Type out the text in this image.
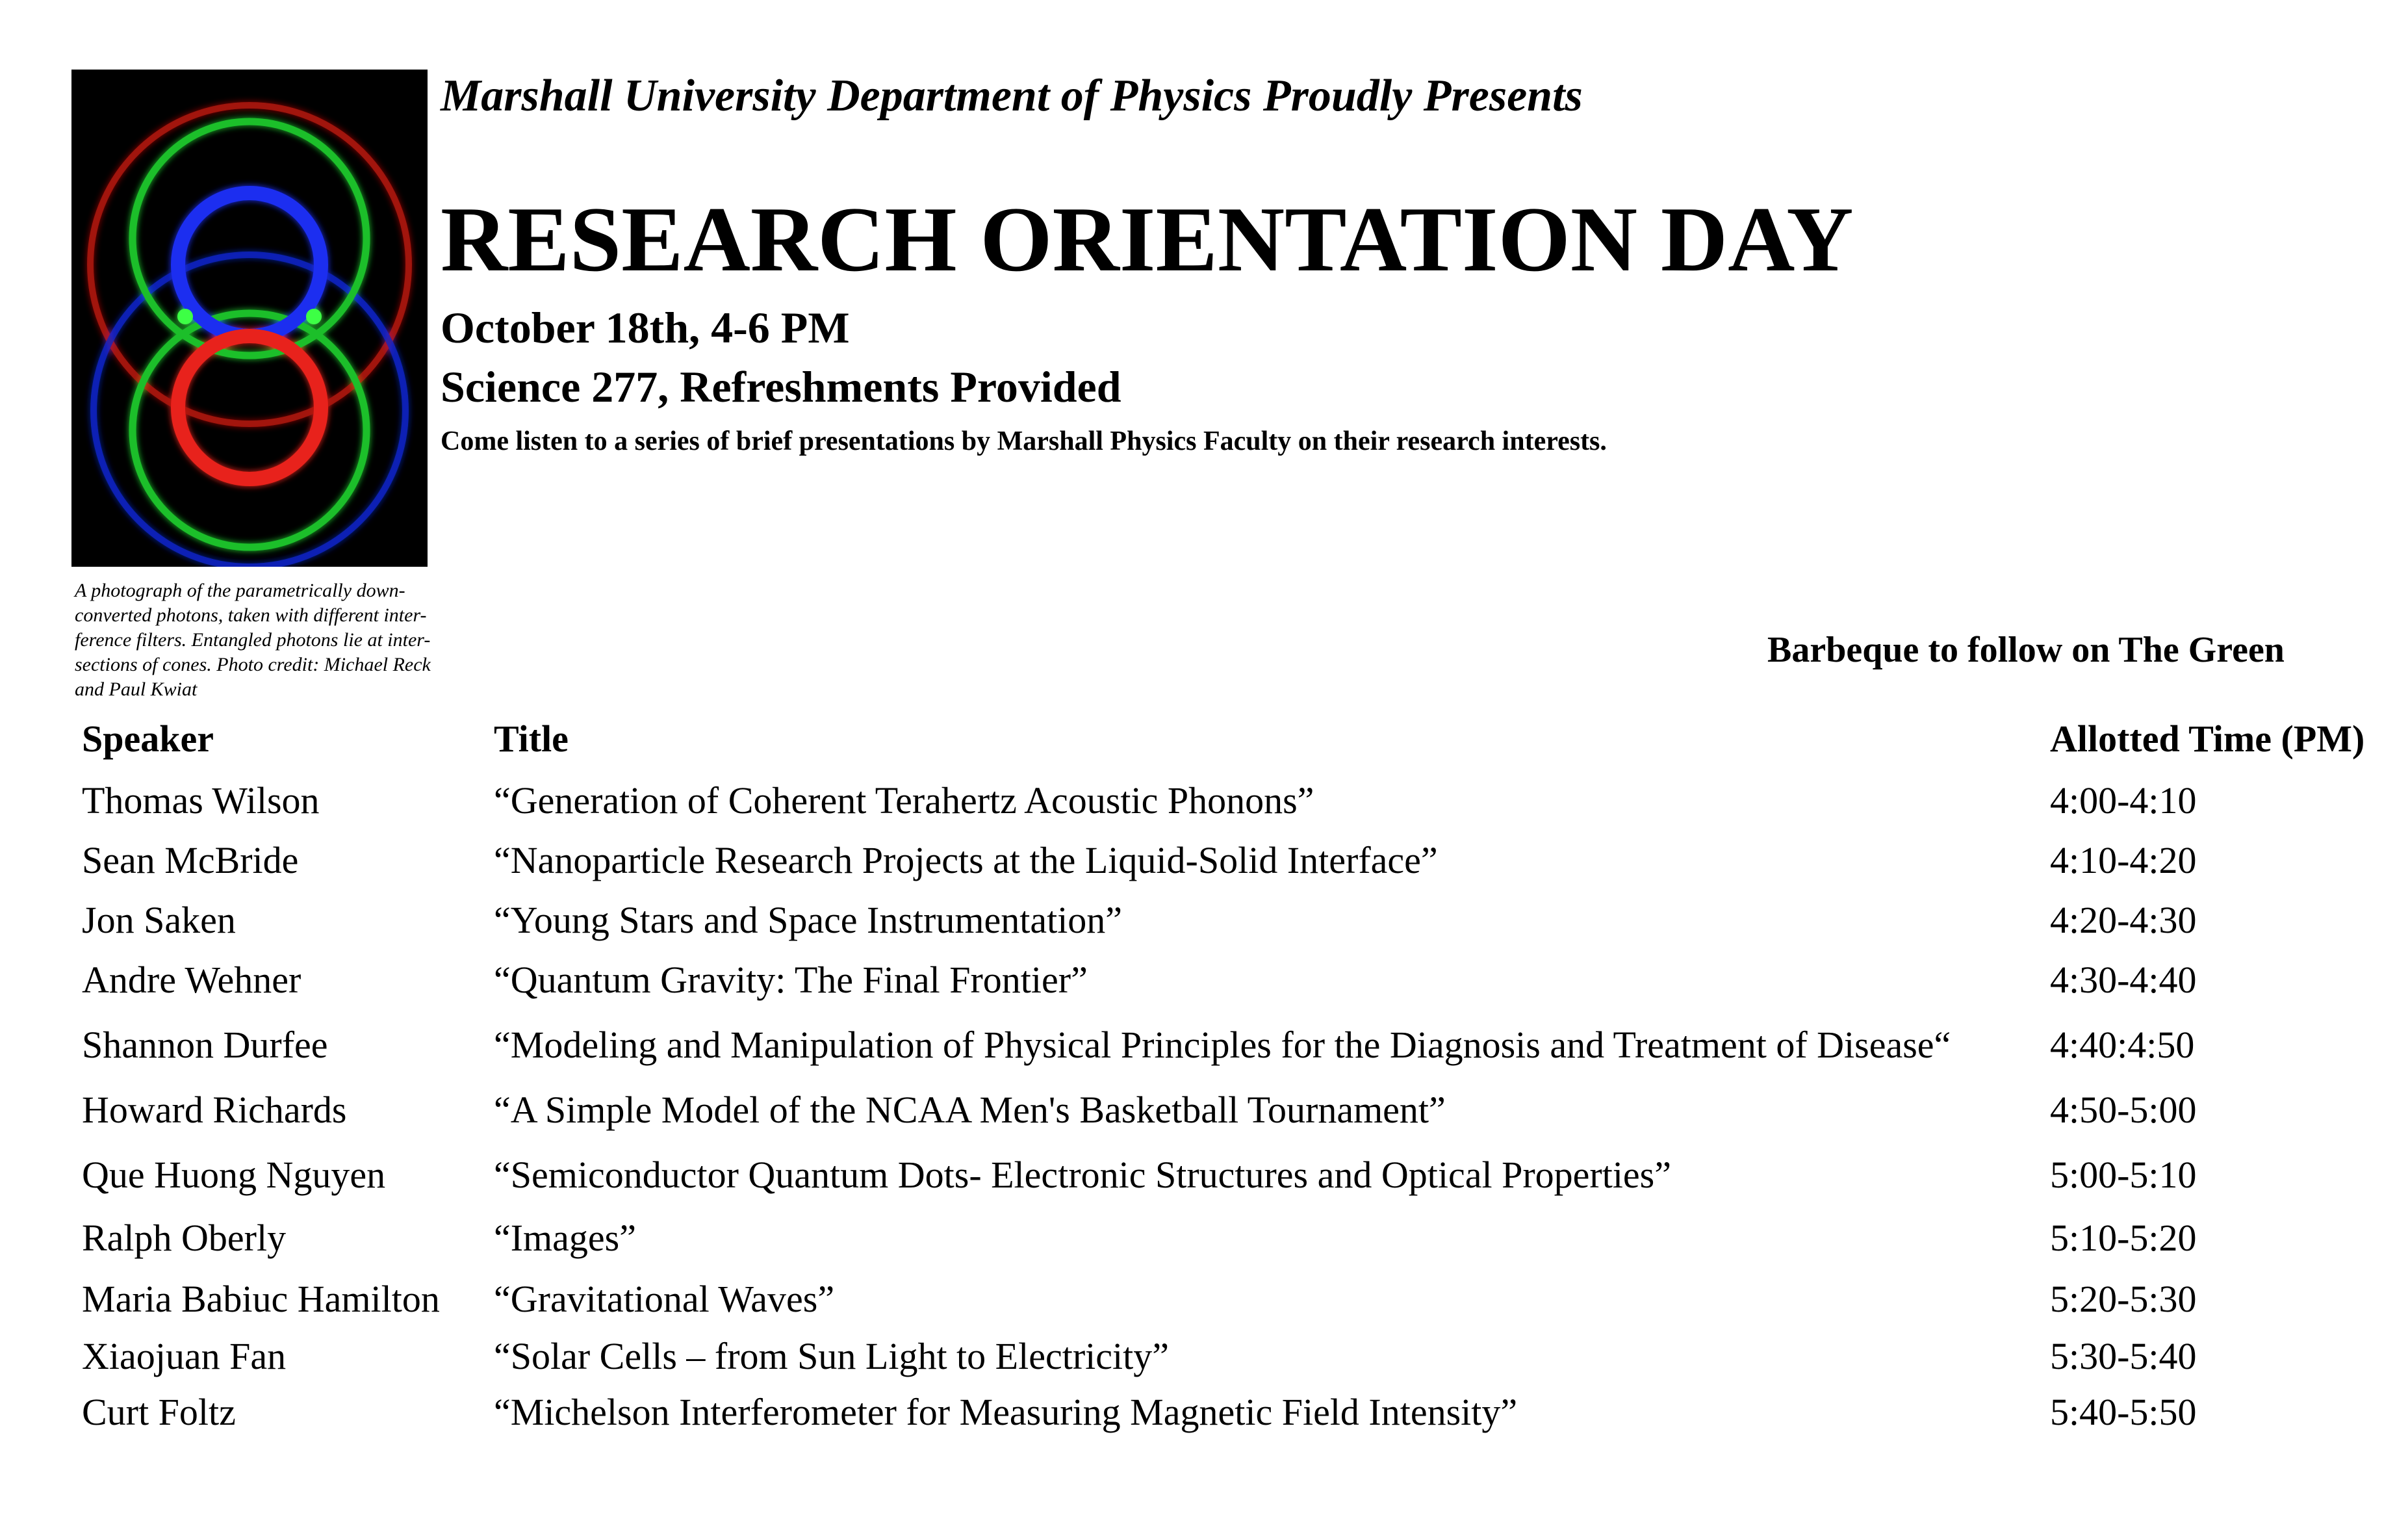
A photograph of the parametrically down-
converted photons, taken with different inter-
ference filters. Entangled photons lie at inter-
sections of cones. Photo credit: Michael Reck
and Paul Kwiat
Marshall University Department of Physics Proudly Presents
RESEARCH ORIENTATION DAY
October 18th, 4-6 PM
Science 277, Refreshments Provided
Come listen to a series of brief presentations by Marshall Physics Faculty on their research interests.
Barbeque to follow on The Green
Speaker	Title	Allotted Time (PM)
Thomas Wilson	“Generation of Coherent Terahertz Acoustic Phonons”	4:00-4:10
Sean McBride	“Nanoparticle Research Projects at the Liquid-Solid Interface”	4:10-4:20
Jon Saken	“Young Stars and Space Instrumentation”	4:20-4:30
Andre Wehner	“Quantum Gravity: The Final Frontier”	4:30-4:40
Shannon Durfee	“Modeling and Manipulation of Physical Principles for the Diagnosis and Treatment of Disease“	4:40:4:50
Howard Richards	“A Simple Model of the NCAA Men's Basketball Tournament”	4:50-5:00
Que Huong Nguyen	“Semiconductor Quantum Dots- Electronic Structures and Optical Properties”	5:00-5:10
Ralph Oberly	“Images”	5:10-5:20
Maria Babiuc Hamilton “Gravitational Waves”	5:20-5:30
Xiaojuan Fan	“Solar Cells – from Sun Light to Electricity”	5:30-5:40
Curt Foltz	“Michelson Interferometer for Measuring Magnetic Field Intensity”	5:40-5:50
